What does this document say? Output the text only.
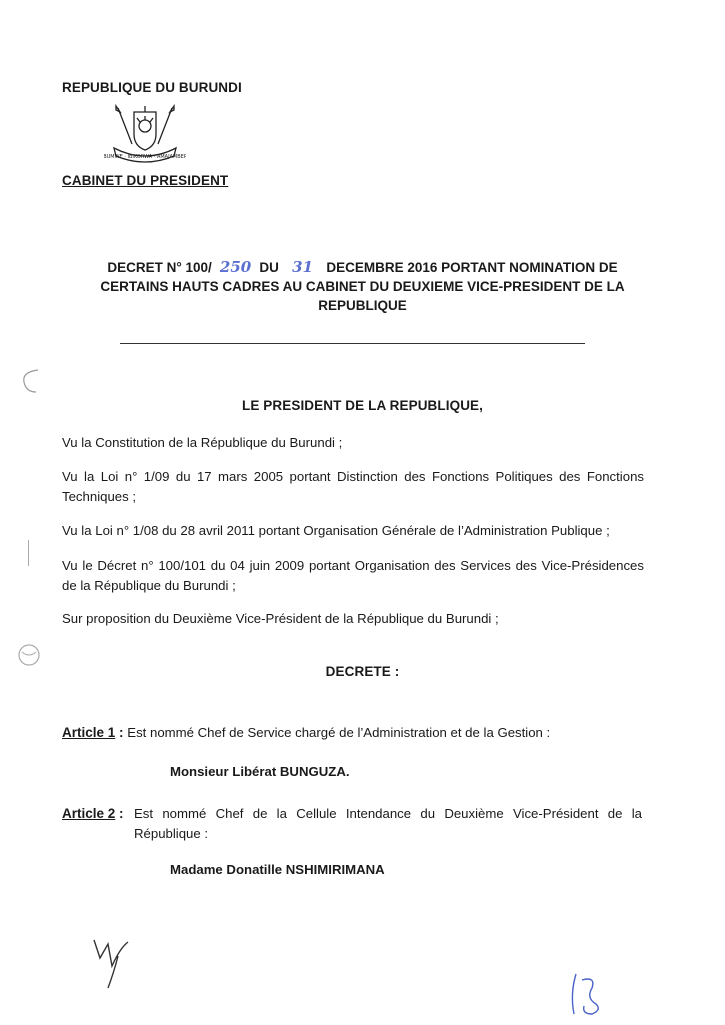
REPUBLIQUE DU BURUNDI
UBUMWE · IBIKORWA · AMAJAMBERE
CABINET DU PRESIDENT
DECRET N° 100/ 250 DU 31 DECEMBRE 2016 PORTANT NOMINATION DE
CERTAINS HAUTS CADRES AU CABINET DU DEUXIEME VICE-PRESIDENT DE LA
REPUBLIQUE
LE PRESIDENT DE LA REPUBLIQUE,
Vu la Constitution de la République du Burundi ;
Vu la Loi n° 1/09 du 17 mars 2005 portant Distinction des Fonctions Politiques des Fonctions Techniques ;
Vu la Loi n° 1/08 du 28 avril 2011 portant Organisation Générale de l’Administration Publique ;
Vu le Décret n° 100/101 du 04 juin 2009 portant Organisation des Services des Vice-Présidences de la République du Burundi ;
Sur proposition du Deuxième Vice-Président de la République du Burundi ;
DECRETE :
Article 1 : Est nommé Chef de Service chargé de l’Administration et de la Gestion :
Monsieur Libérat BUNGUZA.
Article 2 : Est nommé Chef de la Cellule Intendance du Deuxième Vice-Président de la République :
Madame Donatille NSHIMIRIMANA
